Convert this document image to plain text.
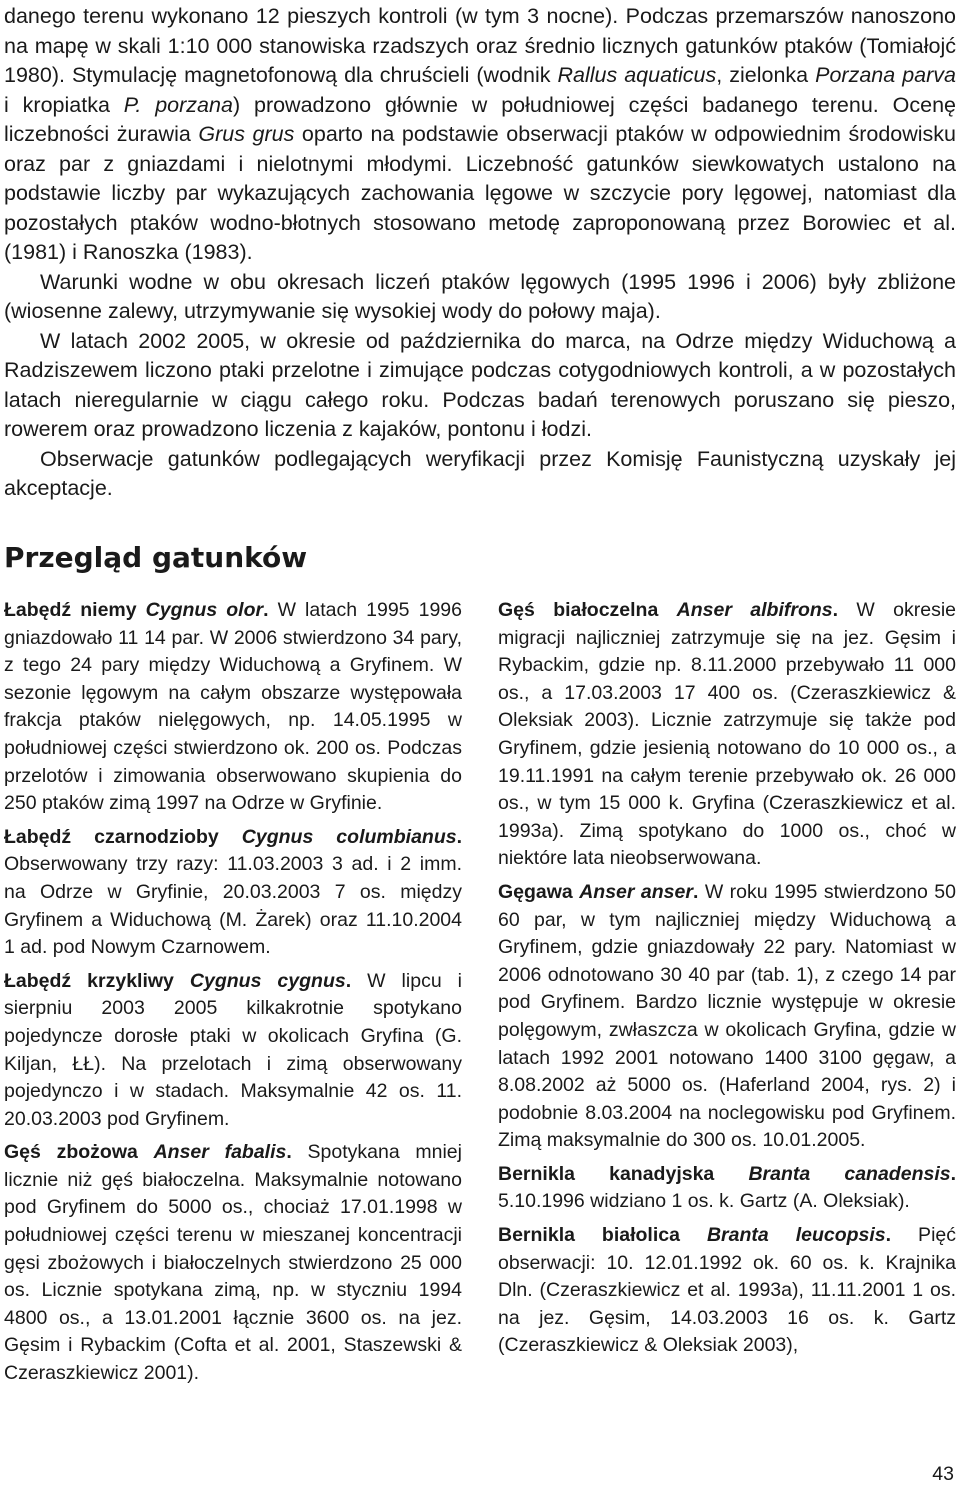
danego terenu wykonano 12 pieszych kontroli (w tym 3 nocne). Podczas przemarszów nanoszono na mapę w skali 1:10 000 stanowiska rzadszych oraz średnio licznych gatunków ptaków (Tomiałojć 1980). Stymulację magnetofonową dla chruścieli (wodnik Rallus aquaticus, zielonka Porzana parva i kropiatka P. porzana) prowadzono głównie w południowej części badanego terenu. Ocenę liczebności żurawia Grus grus oparto na podstawie obserwacji ptaków w odpowiednim środowisku oraz par z gniazdami i nielotnymi młodymi. Liczebność gatunków siewkowatych ustalono na podstawie liczby par wykazujących zachowania lęgowe w szczycie pory lęgowej, natomiast dla pozostałych ptaków wodno-błotnych stosowano metodę zaproponowaną przez Borowiec et al. (1981) i Ranoszka (1983).

Warunki wodne w obu okresach liczeń ptaków lęgowych (1995 1996 i 2006) były zbliżone (wiosenne zalewy, utrzymywanie się wysokiej wody do połowy maja).

W latach 2002 2005, w okresie od października do marca, na Odrze między Widuchową a Radziszewem liczono ptaki przelotne i zimujące podczas cotygodniowych kontroli, a w pozostałych latach nieregularnie w ciągu całego roku. Podczas badań terenowych poruszano się pieszo, rowerem oraz prowadzono liczenia z kajaków, pontonu i łodzi.

Obserwacje gatunków podlegających weryfikacji przez Komisję Faunistyczną uzyskały jej akceptacje.

Przegląd gatunków

Łabędź niemy Cygnus olor. W latach 1995 1996 gniazdowało 11 14 par. W 2006 stwierdzono 34 pary, z tego 24 pary między Widuchową a Gryfinem. W sezonie lęgowym na całym obszarze występowała frakcja ptaków nielęgowych, np. 14.05.1995 w południowej części stwierdzono ok. 200 os. Podczas przelotów i zimowania obserwowano skupienia do 250 ptaków zimą 1997 na Odrze w Gryfinie.

Łabędź czarnodzioby Cygnus columbianus. Obserwowany trzy razy: 11.03.2003 3 ad. i 2 imm. na Odrze w Gryfinie, 20.03.2003 7 os. między Gryfinem a Widuchową (M. Żarek) oraz 11.10.2004 1 ad. pod Nowym Czarnowem.

Łabędź krzykliwy Cygnus cygnus. W lipcu i sierpniu 2003 2005 kilkakrotnie spotykano pojedyncze dorosłe ptaki w okolicach Gryfina (G. Kiljan, ŁŁ). Na przelotach i zimą obserwowany pojedynczo i w stadach. Maksymalnie 42 os. 11. 20.03.2003 pod Gryfinem.

Gęś zbożowa Anser fabalis. Spotykana mniej licznie niż gęś białoczelna. Maksymalnie notowano pod Gryfinem do 5000 os., chociaż 17.01.1998 w południowej części terenu w mieszanej koncentracji gęsi zbożowych i białoczelnych stwierdzono 25 000 os. Licznie spotykana zimą, np. w styczniu 1994 4800 os., a 13.01.2001 łącznie 3600 os. na jez. Gęsim i Rybackim (Cofta et al. 2001, Staszewski & Czeraszkiewicz 2001).

Gęś białoczelna Anser albifrons. W okresie migracji najliczniej zatrzymuje się na jez. Gęsim i Rybackim, gdzie np. 8.11.2000 przebywało 11 000 os., a 17.03.2003 17 400 os. (Czeraszkiewicz & Oleksiak 2003). Licznie zatrzymuje się także pod Gryfinem, gdzie jesienią notowano do 10 000 os., a 19.11.1991 na całym terenie przebywało ok. 26 000 os., w tym 15 000 k. Gryfina (Czeraszkiewicz et al. 1993a). Zimą spotykano do 1000 os., choć w niektóre lata nieobserwowana.

Gęgawa Anser anser. W roku 1995 stwierdzono 50 60 par, w tym najliczniej między Widuchową a Gryfinem, gdzie gniazdowały 22 pary. Natomiast w 2006 odnotowano 30 40 par (tab. 1), z czego 14 par pod Gryfinem. Bardzo licznie występuje w okresie polęgowym, zwłaszcza w okolicach Gryfina, gdzie w latach 1992 2001 notowano 1400 3100 gęgaw, a 8.08.2002 aż 5000 os. (Haferland 2004, rys. 2) i podobnie 8.03.2004 na noclegowisku pod Gryfinem. Zimą maksymalnie do 300 os. 10.01.2005.

Bernikla kanadyjska Branta canadensis. 5.10.1996 widziano 1 os. k. Gartz (A. Oleksiak).

Bernikla białolica Branta leucopsis. Pięć obserwacji: 10. 12.01.1992 ok. 60 os. k. Krajnika Dln. (Czeraszkiewicz et al. 1993a), 11.11.2001 1 os. na jez. Gęsim, 14.03.2003 16 os. k. Gartz (Czeraszkiewicz & Oleksiak 2003),

43
